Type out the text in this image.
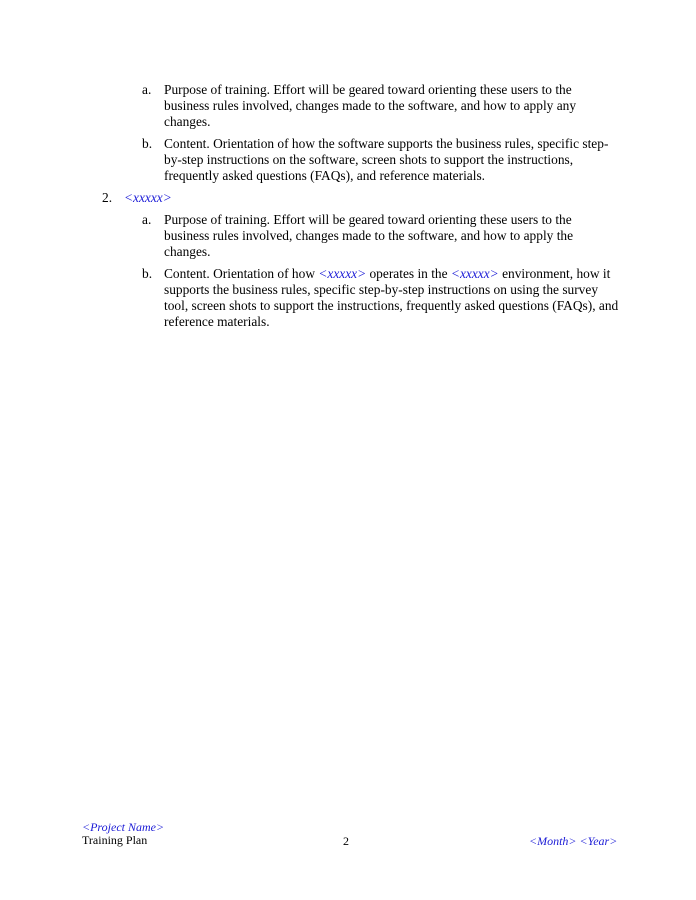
a. Purpose of training. Effort will be geared toward orienting these users to the business rules involved, changes made to the software, and how to apply any changes.
b. Content. Orientation of how the software supports the business rules, specific step-by-step instructions on the software, screen shots to support the instructions, frequently asked questions (FAQs), and reference materials.
2. <xxxxx>
a. Purpose of training. Effort will be geared toward orienting these users to the business rules involved, changes made to the software, and how to apply the changes.
b. Content. Orientation of how <xxxxx> operates in the <xxxxx> environment, how it supports the business rules, specific step-by-step instructions on using the survey tool, screen shots to support the instructions, frequently asked questions (FAQs), and reference materials.
<Project Name>
Training Plan	2	<Month> <Year>
